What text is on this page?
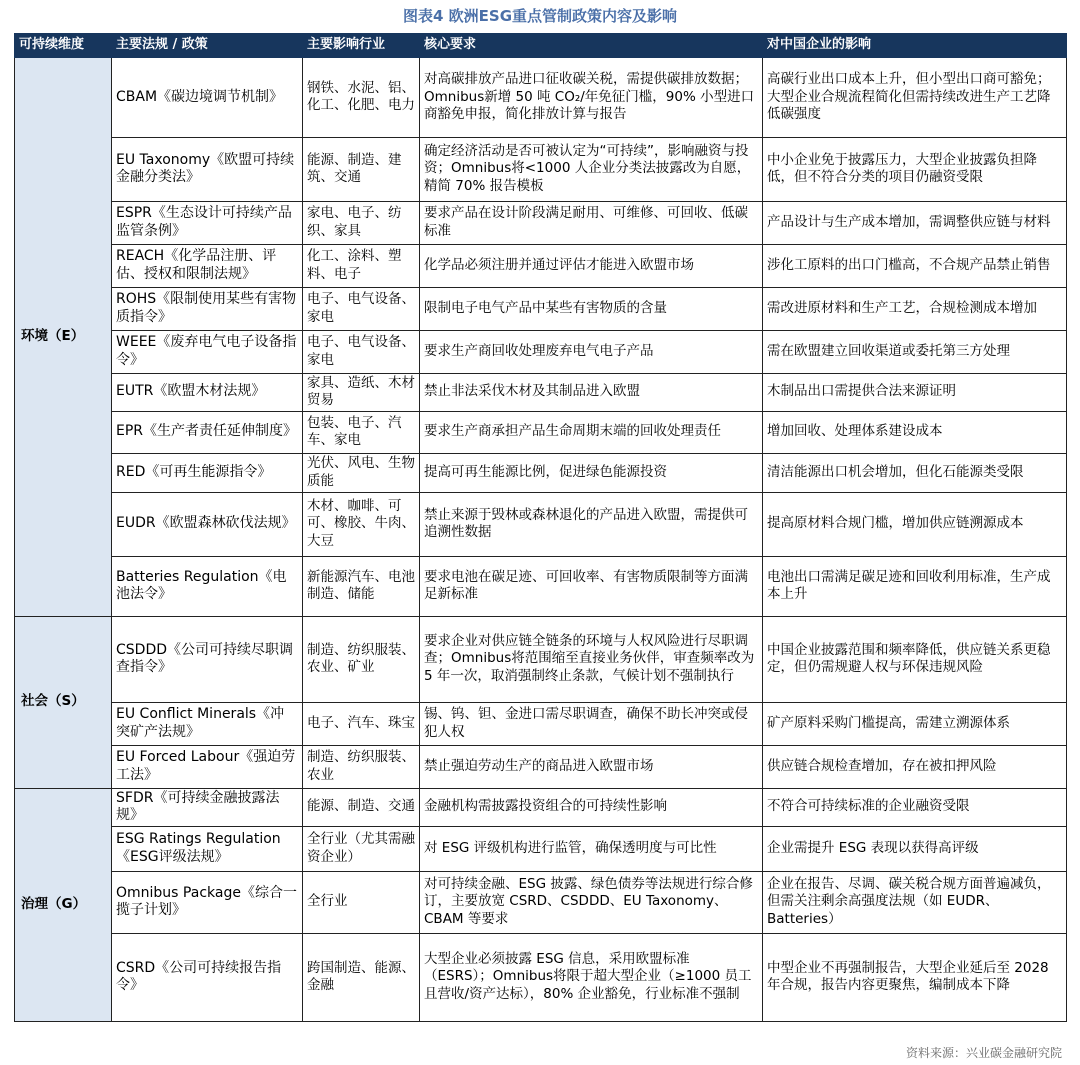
图表4 欧洲ESG重点管制政策内容及影响
可持续维度	主要法规 / 政策	主要影响行业	核心要求	对中国企业的影响
环境（E）	CBAM《碳边境调节机制》	钢铁、水泥、铝、化工、化肥、电力	对高碳排放产品进口征收碳关税，需提供碳排放数据；Omnibus新增 50 吨 CO₂/年免征门槛，90% 小型进口商豁免申报，简化排放计算与报告	高碳行业出口成本上升，但小型出口商可豁免；大型企业合规流程简化但需持续改进生产工艺降低碳强度
	EU Taxonomy《欧盟可持续金融分类法》	能源、制造、建筑、交通	确定经济活动是否可被认定为“可持续”，影响融资与投资；Omnibus将<1000 人企业分类法披露改为自愿，精简 70% 报告模板	中小企业免于披露压力，大型企业披露负担降低，但不符合分类的项目仍融资受限
	ESPR《生态设计可持续产品监管条例》	家电、电子、纺织、家具	要求产品在设计阶段满足耐用、可维修、可回收、低碳标准	产品设计与生产成本增加，需调整供应链与材料
	REACH《化学品注册、评估、授权和限制法规》	化工、涂料、塑料、电子	化学品必须注册并通过评估才能进入欧盟市场	涉化工原料的出口门槛高，不合规产品禁止销售
	ROHS《限制使用某些有害物质指令》	电子、电气设备、家电	限制电子电气产品中某些有害物质的含量	需改进原材料和生产工艺，合规检测成本增加
	WEEE《废弃电气电子设备指令》	电子、电气设备、家电	要求生产商回收处理废弃电气电子产品	需在欧盟建立回收渠道或委托第三方处理
	EUTR《欧盟木材法规》	家具、造纸、木材贸易	禁止非法采伐木材及其制品进入欧盟	木制品出口需提供合法来源证明
	EPR《生产者责任延伸制度》	包装、电子、汽车、家电	要求生产商承担产品生命周期末端的回收处理责任	增加回收、处理体系建设成本
	RED《可再生能源指令》	光伏、风电、生物质能	提高可再生能源比例，促进绿色能源投资	清洁能源出口机会增加，但化石能源类受限
	EUDR《欧盟森林砍伐法规》	木材、咖啡、可可、橡胶、牛肉、大豆	禁止来源于毁林或森林退化的产品进入欧盟，需提供可追溯性数据	提高原材料合规门槛，增加供应链溯源成本
	Batteries Regulation《电池法令》	新能源汽车、电池制造、储能	要求电池在碳足迹、可回收率、有害物质限制等方面满足新标准	电池出口需满足碳足迹和回收利用标准，生产成本上升
社会（S）	CSDDD《公司可持续尽职调查指令》	制造、纺织服装、农业、矿业	要求企业对供应链全链条的环境与人权风险进行尽职调查；Omnibus将范围缩至直接业务伙伴，审查频率改为 5 年一次，取消强制终止条款，气候计划不强制执行	中国企业披露范围和频率降低，供应链关系更稳定，但仍需规避人权与环保违规风险
	EU Conflict Minerals《冲突矿产法规》	电子、汽车、珠宝	锡、钨、钽、金进口需尽职调查，确保不助长冲突或侵犯人权	矿产原料采购门槛提高，需建立溯源体系
	EU Forced Labour《强迫劳工法》	制造、纺织服装、农业	禁止强迫劳动生产的商品进入欧盟市场	供应链合规检查增加，存在被扣押风险
治理（G）	SFDR《可持续金融披露法规》	能源、制造、交通	金融机构需披露投资组合的可持续性影响	不符合可持续标准的企业融资受限
	ESG Ratings Regulation《ESG评级法规》	全行业（尤其需融资企业）	对 ESG 评级机构进行监管，确保透明度与可比性	企业需提升 ESG 表现以获得高评级
	Omnibus Package《综合一揽子计划》	全行业	对可持续金融、ESG 披露、绿色债券等法规进行综合修订，主要放宽 CSRD、CSDDD、EU Taxonomy、CBAM 等要求	企业在报告、尽调、碳关税合规方面普遍减负，但需关注剩余高强度法规（如 EUDR、Batteries）
	CSRD《公司可持续报告指令》	跨国制造、能源、金融	大型企业必须披露 ESG 信息，采用欧盟标准（ESRS）；Omnibus将限于超大型企业（≥1000 员工且营收/资产达标），80% 企业豁免，行业标准不强制	中型企业不再强制报告，大型企业延后至 2028 年合规，报告内容更聚焦，编制成本下降
资料来源：兴业碳金融研究院
